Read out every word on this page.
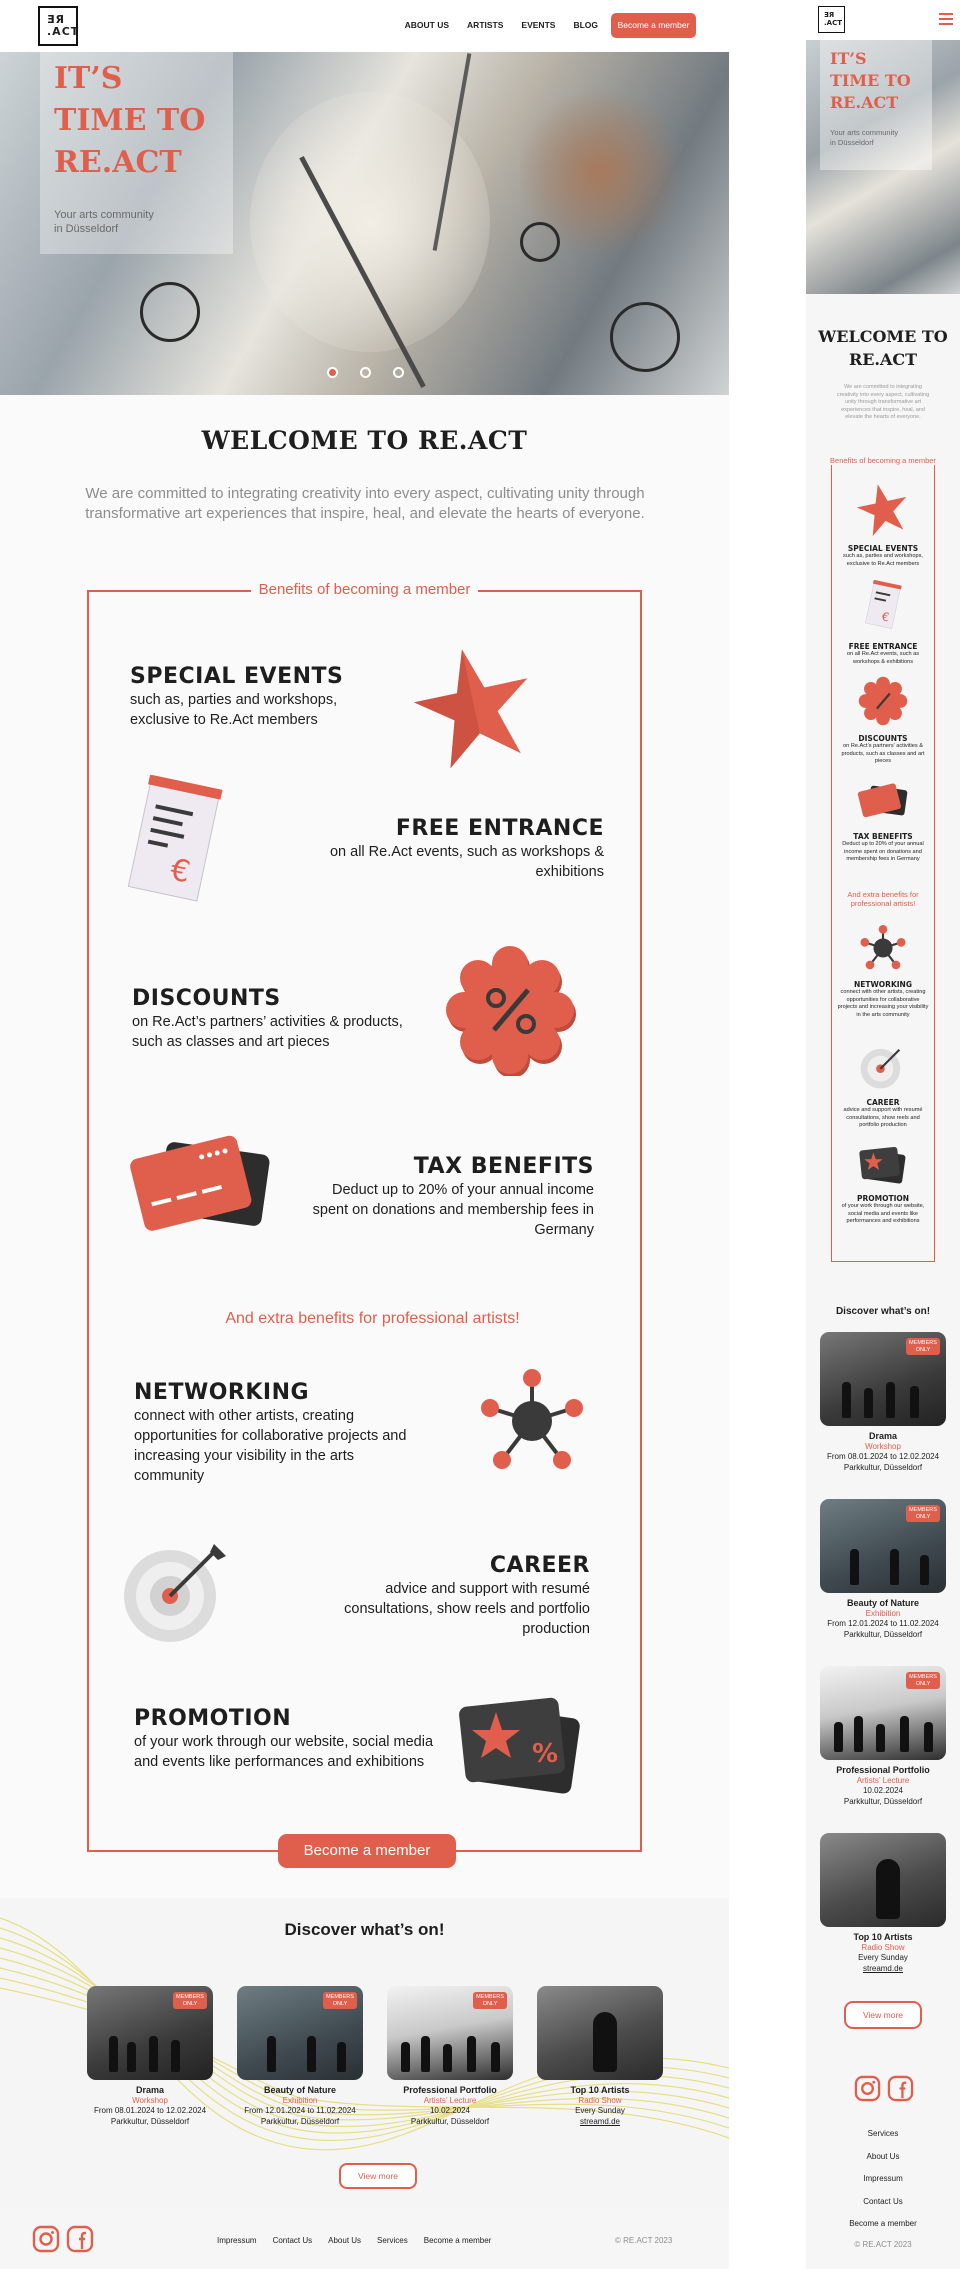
ƎЯ
.ACT	ABOUT US ARTISTS EVENTS BLOG	Become a member
IT’S
TIME TO
RE.ACT
Your arts community
in Düsseldorf
WELCOME TO RE.ACT
We are committed to integrating creativity into every aspect, cultivating unity through transformative art experiences that inspire, heal, and elevate the hearts of everyone.
Benefits of becoming a member
SPECIAL EVENTS

such as, parties and workshops, exclusive to Re.Act members

€
FREE ENTRANCE

on all Re.Act events, such as workshops & exhibitions

DISCOUNTS

on Re.Act’s partners’ activities & products, such as classes and art pieces

TAX BENEFITS

Deduct up to 20% of your annual income spent on donations and membership fees in Germany

And extra benefits for professional artists!
NETWORKING

connect with other artists, creating opportunities for collaborative projects and increasing your visibility in the arts community

CAREER

advice and support with resumé consultations, show reels and portfolio production

PROMOTION

of your work through our website, social media and events like performances and exhibitions	%
Become a member
Discover what’s on!
MEMBERS ONLY
Drama
Workshop
From 08.01.2024 to 12.02.2024
Parkkultur, Düsseldorf
MEMBERS ONLY
Beauty of Nature
Exhibition
From 12.01.2024 to 11.02.2024
Parkkultur, Düsseldorf
MEMBERS ONLY
Professional Portfolio
Artists’ Lecture
10.02.2024
Parkkultur, Düsseldorf
Top 10 Artists
Radio Show
Every Sunday
streamd.de
View more
Impressum Contact Us About Us Services Become a member	© RE.ACT 2023
ƎЯ
.ACT
IT’S
TIME TO
RE.ACT
Your arts community
in Düsseldorf
WELCOME TO RE.ACT
We are committed to integrating creativity into every aspect, cultivating unity through transformative art experiences that inspire, heal, and elevate the hearts of everyone.
Benefits of becoming a member
SPECIAL EVENTS

such as, parties and workshops, exclusive to Re.Act members

€
FREE ENTRANCE

on all Re.Act events, such as workshops & exhibitions

DISCOUNTS

on Re.Act’s partners’ activities & products, such as classes and art pieces

TAX BENEFITS

Deduct up to 20% of your annual income spent on donations and membership fees in Germany

And extra benefits for professional artists!
NETWORKING

connect with other artists, creating opportunities for collaborative projects and increasing your visibility in the arts community

CAREER

advice and support with resumé consultations, show reels and portfolio production

PROMOTION

of your work through our website, social media and events like performances and exhibitions

Discover what’s on!
MEMBERS ONLY
Drama
Workshop
From 08.01.2024 to 12.02.2024
Parkkultur, Düsseldorf
MEMBERS ONLY
Beauty of Nature
Exhibition
From 12.01.2024 to 11.02.2024
Parkkultur, Düsseldorf
MEMBERS ONLY
Professional Portfolio
Artists’ Lecture
10.02.2024
Parkkultur, Düsseldorf
Top 10 Artists
Radio Show
Every Sunday
streamd.de
View more
Services
About Us
Impressum
Contact Us
Become a member
© RE.ACT 2023
